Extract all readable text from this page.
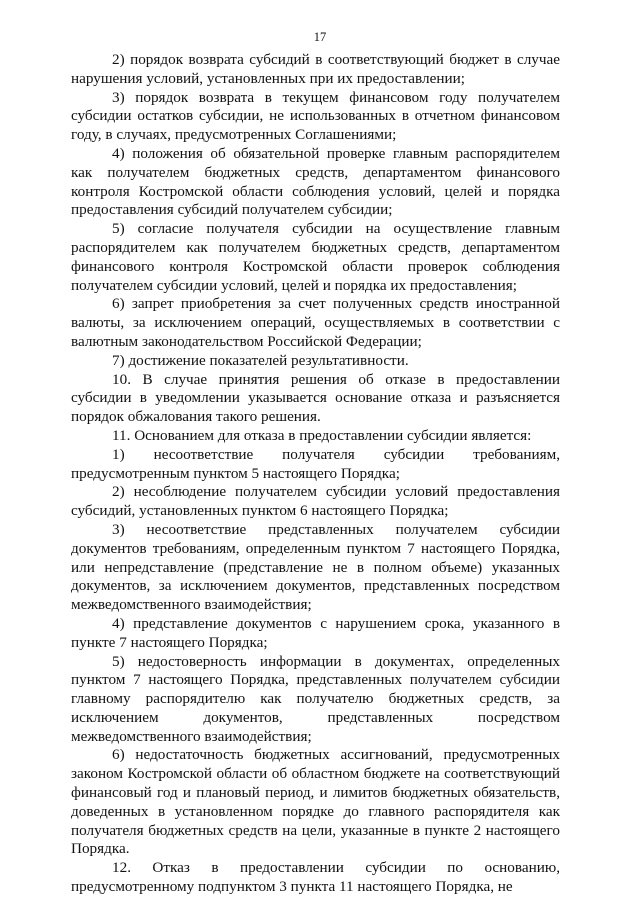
17

2) порядок возврата субсидий в соответствующий бюджет в случае нарушения условий, установленных при их предоставлении;

3) порядок возврата в текущем финансовом году получателем субсидии остатков субсидии, не использованных в отчетном финансовом году, в случаях, предусмотренных Соглашениями;

4) положения об обязательной проверке главным распорядителем как получателем бюджетных средств, департаментом финансового контроля Костромской области соблюдения условий, целей и порядка предоставления субсидий получателем субсидии;

5) согласие получателя субсидии на осуществление главным распорядителем как получателем бюджетных средств, департаментом финансового контроля Костромской области проверок соблюдения получателем субсидии условий, целей и порядка их предоставления;

6) запрет приобретения за счет полученных средств иностранной валюты, за исключением операций, осуществляемых в соответствии с валютным законодательством Российской Федерации;

7) достижение показателей результативности.

10. В случае принятия решения об отказе в предоставлении субсидии в уведомлении указывается основание отказа и разъясняется порядок обжалования такого решения.

11. Основанием для отказа в предоставлении субсидии является:

1) несоответствие получателя субсидии требованиям, предусмотренным пунктом 5 настоящего Порядка;

2) несоблюдение получателем субсидии условий предоставления субсидий, установленных пунктом 6 настоящего Порядка;

3) несоответствие представленных получателем субсидии документов требованиям, определенным пунктом 7 настоящего Порядка, или непредставление (представление не в полном объеме) указанных документов, за исключением документов, представленных посредством межведомственного взаимодействия;

4) представление документов с нарушением срока, указанного в пункте 7 настоящего Порядка;

5) недостоверность информации в документах, определенных пунктом 7 настоящего Порядка, представленных получателем субсидии главному распорядителю как получателю бюджетных средств, за исключением документов, представленных посредством межведомственного взаимодействия;

6) недостаточность бюджетных ассигнований, предусмотренных законом Костромской области об областном бюджете на соответствующий финансовый год и плановый период, и лимитов бюджетных обязательств, доведенных в установленном порядке до главного распорядителя как получателя бюджетных средств на цели, указанные в пункте 2 настоящего Порядка.

12. Отказ в предоставлении субсидии по основанию, предусмотренному подпунктом 3 пункта 11 настоящего Порядка, не
